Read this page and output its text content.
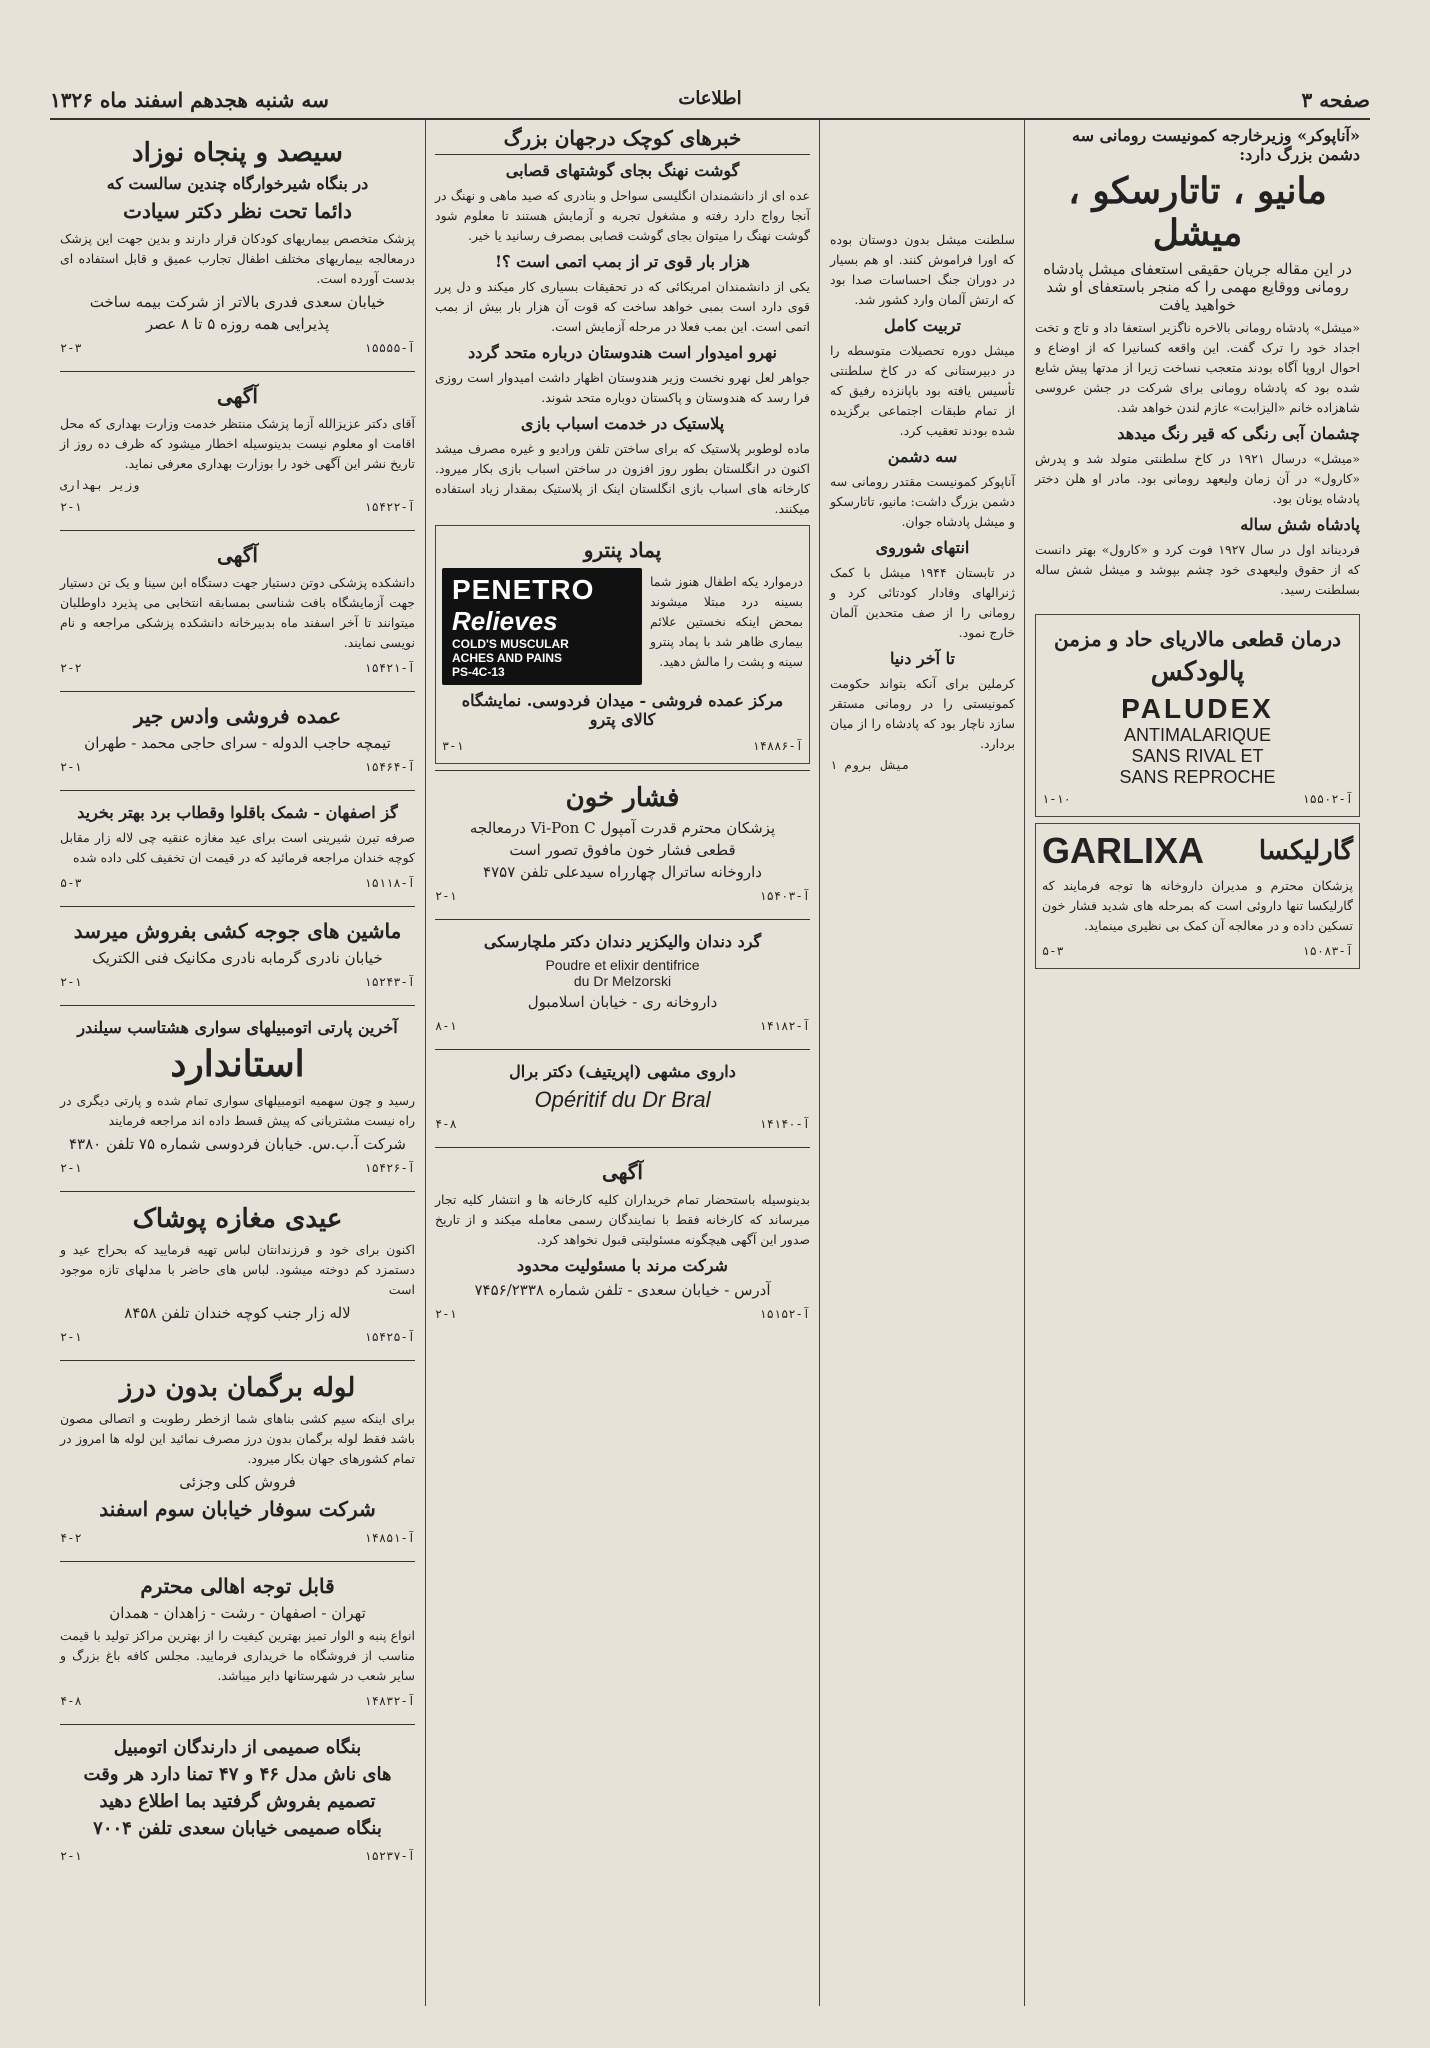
سه شنبه هجدهم اسفند ماه ۱۳۲۶	اطلاعات	صفحه ۳
«آناپوکر» وزیرخارجه کمونیست رومانی سه دشمن بزرگ دارد:
مانیو ، تاتارسکو ، میشل
در این مقاله جریان حقیقی استعفای میشل پادشاه رومانی ووقایع مهمی را که منجر باستعفای او شد خواهید یافت
«میشل» پادشاه رومانی بالاخره ناگزیر استعفا داد و تاج و تخت اجداد خود را ترک گفت. این واقعه کسانیرا که از اوضاع و احوال اروپا آگاه بودند متعجب نساخت زیرا از مدتها پیش شایع شده بود که پادشاه رومانی برای شرکت در جشن عروسی شاهزاده خانم «الیزابت» عازم لندن خواهد شد.
چشمان آبی رنگی که قیر رنگ میدهد
«میشل» درسال ۱۹۲۱ در کاخ سلطنتی متولد شد و پدرش «کارول» در آن زمان ولیعهد رومانی بود. مادر او هلن دختر پادشاه یونان بود.
پادشاه شش ساله
فردیناند اول در سال ۱۹۲۷ فوت کرد و «کارول» بهتر دانست که از حقوق ولیعهدی خود چشم بپوشد و میشل شش ساله بسلطنت رسید.
درمان قطعی مالاریای حاد و مزمن
پالودکس
PALUDEX
ANTIMALARIQUE
SANS RIVAL ET
SANS REPROCHE
آ-۱۵۵۰۲
۱-۱۰
گارلیکسا
GARLIXA
پزشکان محترم و مدیران داروخانه ها توجه فرمایند که گارلیکسا تنها داروئی است که بمرحله های شدید فشار خون تسکین داده و در معالجه آن کمک بی نظیری مینماید.
آ-۱۵۰۸۳
۵-۳
سلطنت میشل بدون دوستان بوده که اورا فراموش کنند. او هم بسیار در دوران جنگ احساسات صدا بود که ارتش آلمان وارد کشور شد.
تربیت کامل
میشل دوره تحصیلات متوسطه را در دبیرستانی که در کاخ سلطنتی تأسیس یافته بود باپانزده رفیق که از تمام طبقات اجتماعی برگزیده شده بودند تعقیب کرد.
سه دشمن
آناپوکر کمونیست مقتدر رومانی سه دشمن بزرگ داشت: مانیو، تاتارسکو و میشل پادشاه جوان.
انتهای شوروی
در تابستان ۱۹۴۴ میشل با کمک ژنرالهای وفادار کودتائی کرد و رومانی را از صف متحدین آلمان خارج نمود.
تا آخر دنیا
کرملین برای آنکه بتواند حکومت کمونیستی را در رومانی مستقر سازد ناچار بود که پادشاه را از میان بردارد.
میشل بروم ۱
خبرهای کوچک درجهان بزرگ
گوشت نهنگ بجای گوشتهای قصابی
عده ای از دانشمندان انگلیسی سواحل و بنادری که صید ماهی و نهنگ در آنجا رواج دارد رفته و مشغول تجربه و آزمایش هستند تا معلوم شود گوشت نهنگ را میتوان بجای گوشت قصابی بمصرف رسانید یا خیر.
هزار بار قوی تر از بمب اتمی است ؟!
یکی از دانشمندان امریکائی که در تحقیقات بسیاری کار میکند و دل پرر قوی دارد است بمبی خواهد ساخت که قوت آن هزار بار بیش از بمب اتمی است. این بمب فعلا در مرحله آزمایش است.
نهرو امیدوار است هندوستان درباره متحد گردد
جواهر لعل نهرو نخست وزیر هندوستان اظهار داشت امیدوار است روزی فرا رسد که هندوستان و پاکستان دوباره متحد شوند.
پلاستیک در خدمت اسباب بازی
ماده لوطوبر پلاستیک که برای ساختن تلفن ورادیو و غیره مصرف میشد اکنون در انگلستان بطور روز افزون در ساختن اسباب بازی بکار میرود. کارخانه های اسباب بازی انگلستان اینک از پلاستیک بمقدار زیاد استفاده میکنند.
پماد پنترو
درموارد یکه اطفال هنوز شما بسینه درد مبتلا میشوند بمحض اینکه نخستین علائم بیماری ظاهر شد با پماد پنترو سینه و پشت را مالش دهید.
PENETRO
Relieves
COLD'S MUSCULAR
ACHES AND PAINS
PS-4C-13
مرکز عمده فروشی - میدان فردوسی. نمایشگاه کالای پترو
آ-۱۴۸۸۶
۳-۱
فشار خون
پزشکان محترم قدرت آمپول Vi-Pon C درمعالجه
قطعی فشار خون مافوق تصور است
داروخانه ساترال چهارراه سیدعلی تلفن ۴۷۵۷
آ-۱۵۴۰۳
۲-۱
گرد دندان والیکزیر دندان دکتر ملچارسکی
Poudre et elixir dentifrice
du Dr Melzorski
داروخانه ری - خیابان اسلامبول
آ-۱۴۱۸۲
۸-۱
داروی مشهی (اپریتیف) دکتر برال
Opéritif du Dr Bral
آ-۱۴۱۴۰
۴-۸
آگهی
بدینوسیله باستحضار تمام خریداران کلیه کارخانه ها و انتشار کلیه تجار میرساند که کارخانه فقط با نمایندگان رسمی معامله میکند و از تاریخ صدور این آگهی هیچگونه مسئولیتی قبول نخواهد کرد.
شرکت مرند با مسئولیت محدود
آدرس - خیابان سعدی - تلفن شماره ۷۴۵۶/۲۳۳۸
آ-۱۵۱۵۲
۲-۱
سیصد و پنجاه نوزاد
در بنگاه شیرخوارگاه چندین سالست که
دائما تحت نظر دکتر سیادت
پزشک متخصص بیماریهای کودکان قرار دارند و بدین جهت این پزشک درمعالجه بیماریهای مختلف اطفال تجارب عمیق و قابل استفاده ای بدست آورده است.
خیابان سعدی فدری بالاتر از شرکت بیمه ساخت
پذیرایی همه روزه ۵ تا ۸ عصر
آ-۱۵۵۵۵
۲-۳
آگهی
آقای دکتر عزیزالله آزما پزشک منتظر خدمت وزارت بهداری که محل اقامت او معلوم نیست بدینوسیله اخطار میشود که ظرف ده روز از تاریخ نشر این آگهی خود را بوزارت بهداری معرفی نماید.
وزیر بهداری
آ-۱۵۴۲۲
۲-۱
آگهی
دانشکده پزشکی دوتن دستیار جهت دستگاه ابن سینا و یک تن دستیار جهت آزمایشگاه بافت شناسی بمسابقه انتخابی می پذیرد داوطلبان میتوانند تا آخر اسفند ماه بدبیرخانه دانشکده پزشکی مراجعه و نام نویسی نمایند.
آ-۱۵۴۲۱
۲-۲
عمده فروشی وادس جیر
تیمچه حاجب الدوله - سرای حاجی محمد - طهران
آ-۱۵۴۶۴
۲-۱
گز اصفهان - شمک باقلوا وقطاب برد بهتر بخرید
صرفه تیرن شیرینی است برای عید مغازه عنقیه چی لاله زار مقابل کوچه خندان مراجعه فرمائید که در قیمت ان تخفیف کلی داده شده
آ-۱۵۱۱۸
۵-۳
ماشین های جوجه کشی بفروش میرسد
خیابان نادری گرمابه نادری مکانیک فنی الکتریک
آ-۱۵۲۴۳
۲-۱
آخرین پارتی اتومبیلهای سواری هشتاسب سیلندر
استاندارد
رسید و چون سهمیه اتومبیلهای سواری تمام شده و پارتی دیگری در راه نیست مشتریانی که پیش قسط داده اند مراجعه فرمایند
شرکت آ.ب.س. خیابان فردوسی شماره ۷۵ تلفن ۴۳۸۰
آ-۱۵۴۲۶
۲-۱
عیدی مغازه پوشاک
اکنون برای خود و فرزندانتان لباس تهیه فرمایید که بحراج عید و دستمزد کم دوخته میشود. لباس های حاضر با مدلهای تازه موجود است
لاله زار جنب کوچه خندان تلفن ۸۴۵۸
آ-۱۵۴۲۵
۲-۱
لوله برگمان بدون درز
برای اینکه سیم کشی بناهای شما ازخطر رطوبت و اتصالی مصون باشد فقط لوله برگمان بدون درز مصرف نمائید این لوله ها امروز در تمام کشورهای جهان بکار میرود.
فروش کلی وجزئی
شرکت سوفار خیابان سوم اسفند
آ-۱۴۸۵۱
۴-۲
قابل توجه اهالی محترم
تهران - اصفهان - رشت - زاهدان - همدان
انواع پنبه و الوار تمیز بهترین کیفیت را از بهترین مراکز تولید با قیمت مناسب از فروشگاه ما خریداری فرمایید. مجلس کافه باغ بزرگ و سایر شعب در شهرستانها دایر میباشد.
آ-۱۴۸۳۲
۴-۸
بنگاه صمیمی از دارندگان اتومبیل
های ناش مدل ۴۶ و ۴۷ تمنا دارد هر وقت
تصمیم بفروش گرفتید بما اطلاع دهید
بنگاه صمیمی خیابان سعدی تلفن ۷۰۰۴
آ-۱۵۲۳۷
۲-۱
